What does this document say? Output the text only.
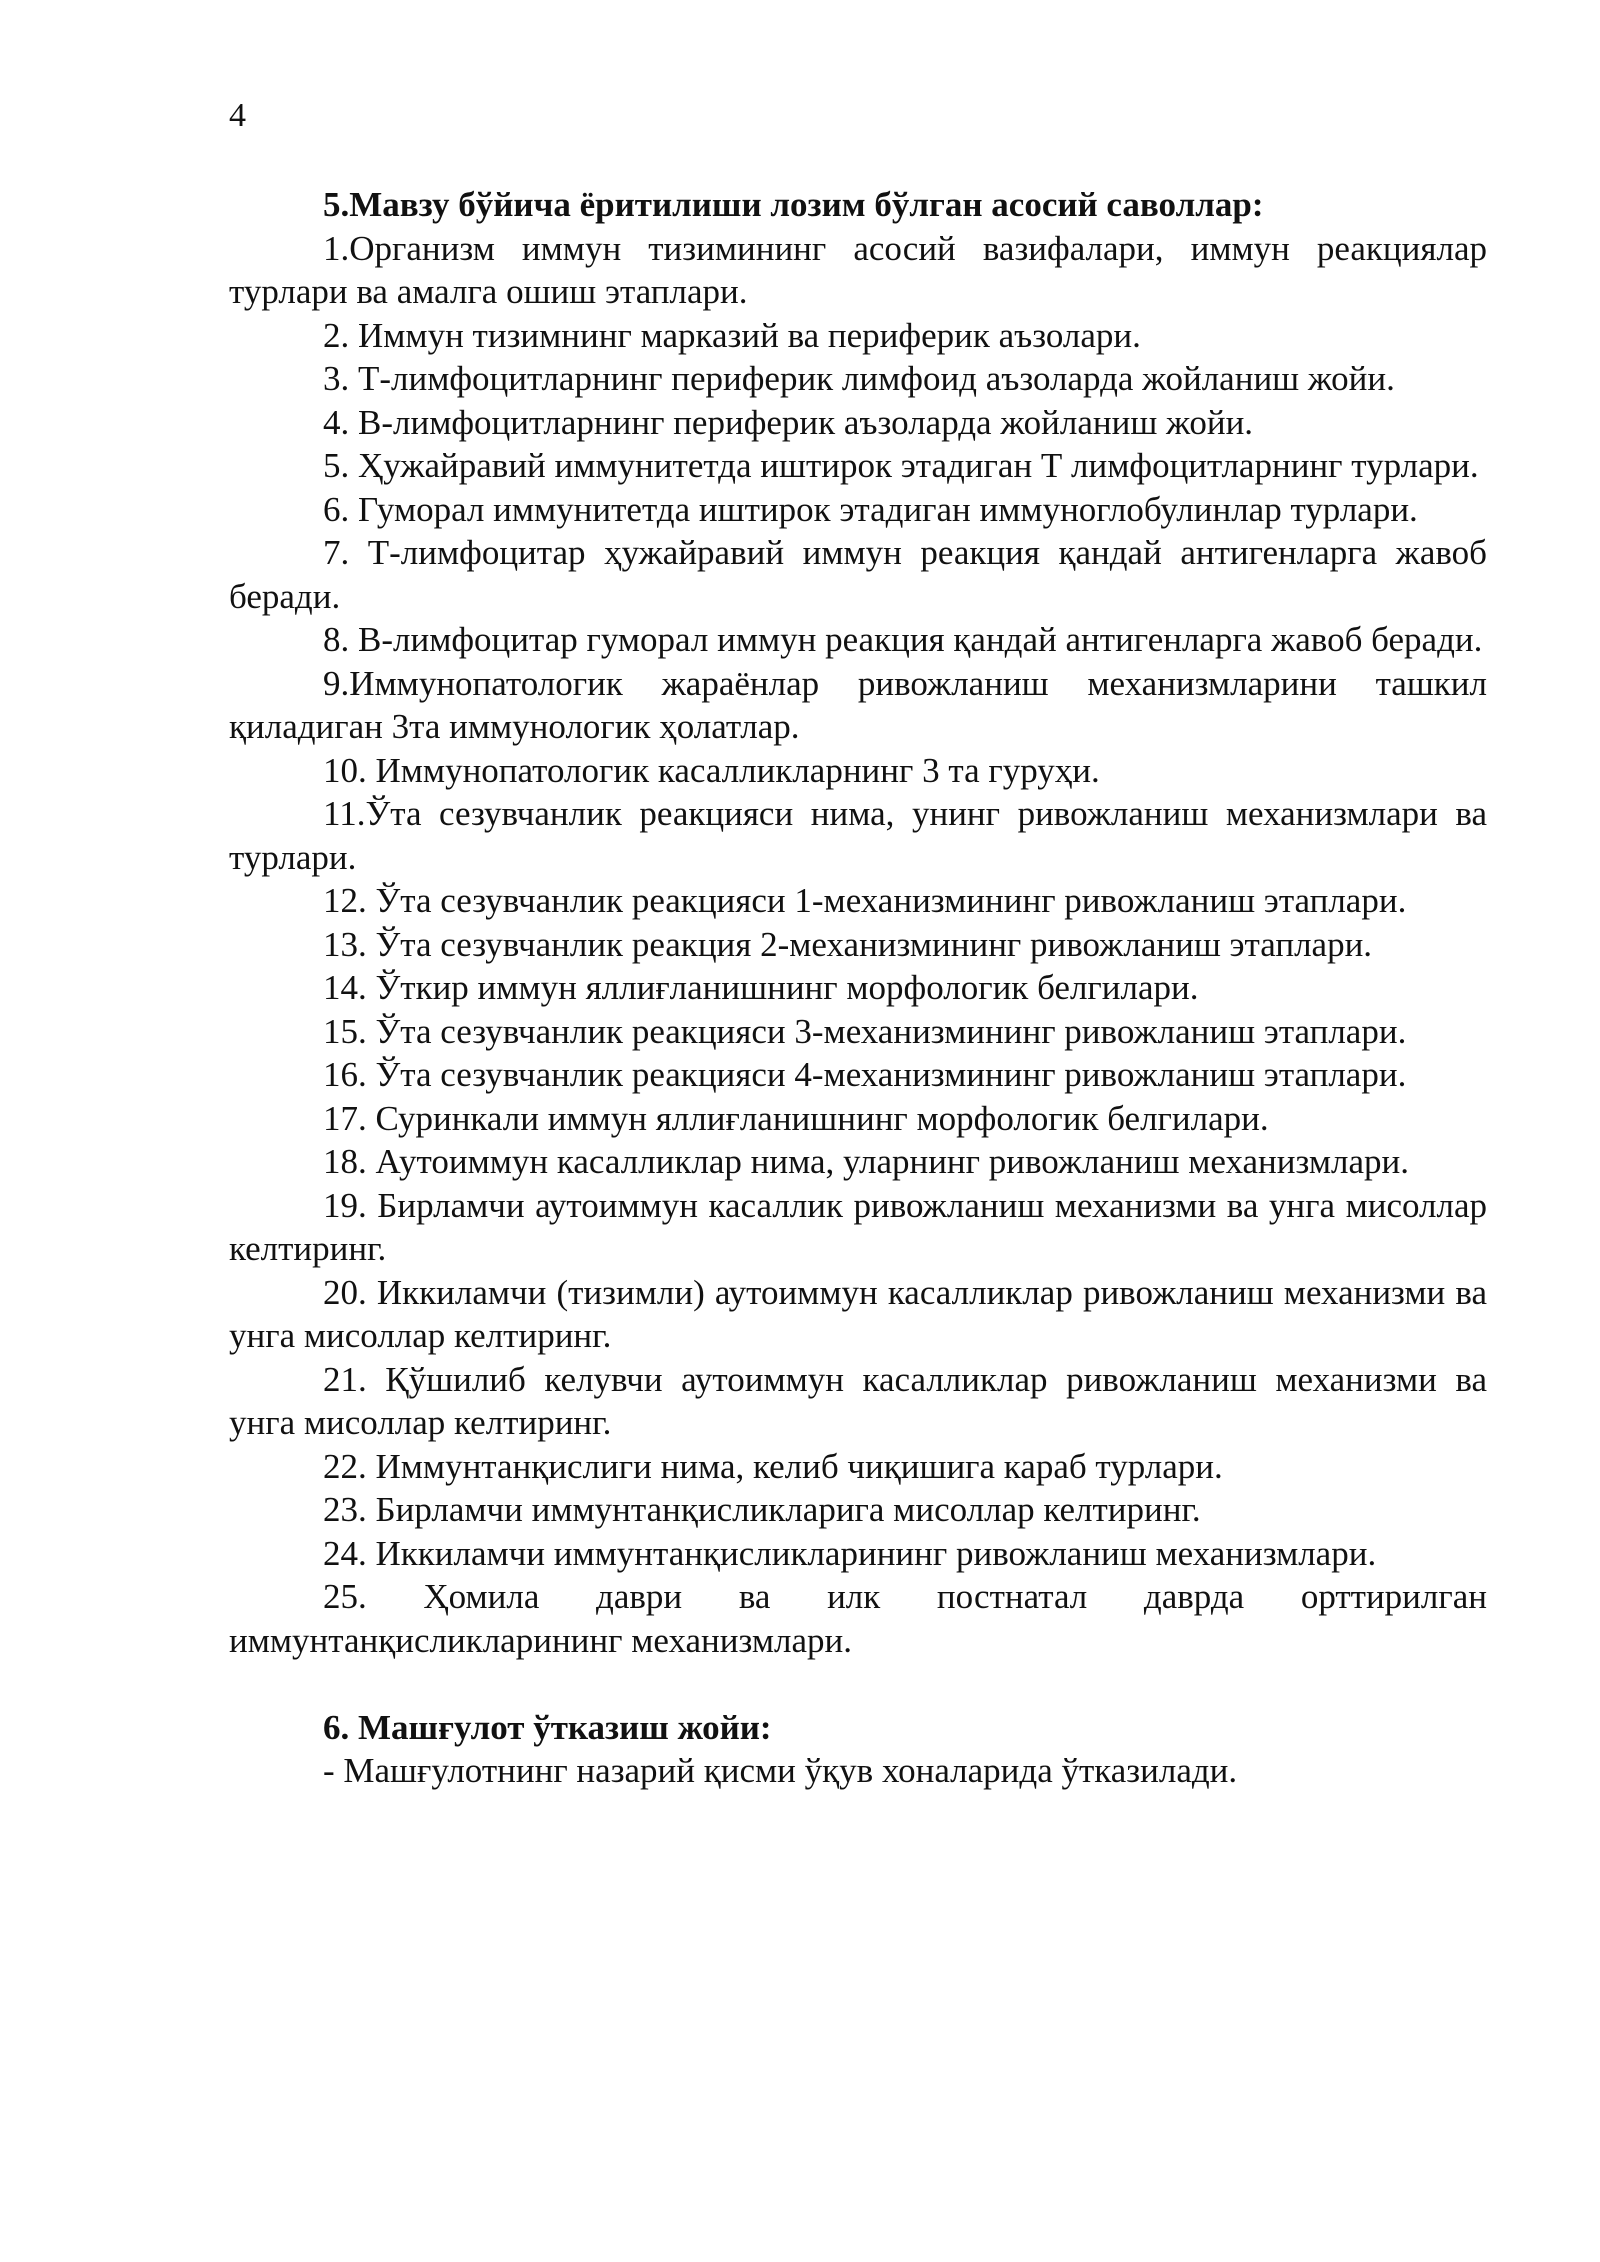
4

5.Мавзу бўйича ёритилиши лозим бўлган асосий саволлар:

1.Организм иммун тизимининг асосий вазифалари, иммун реакциялар турлари ва амалга ошиш этаплари.

2. Иммун тизимнинг марказий ва периферик аъзолари.

3. Т-лимфоцитларнинг периферик лимфоид аъзоларда жойланиш жойи.

4. В-лимфоцитларнинг периферик аъзоларда жойланиш жойи.

5. Ҳужайравий иммунитетда иштирок этадиган Т лимфоцитларнинг турлари.

6. Гуморал иммунитетда иштирок этадиган иммуноглобулинлар турлари.

7. Т-лимфоцитар ҳужайравий иммун реакция қандай антигенларга жавоб беради.

8. В-лимфоцитар гуморал иммун реакция қандай антигенларга жавоб беради.

9.Иммунопатологик жараёнлар ривожланиш механизмларини ташкил қиладиган 3та иммунологик ҳолатлар.

10. Иммунопатологик касалликларнинг 3 та гуруҳи.

11.Ўта сезувчанлик реакцияси нима, унинг ривожланиш механизмлари ва турлари.

12. Ўта сезувчанлик реакцияси 1-механизмининг ривожланиш этаплари.

13. Ўта сезувчанлик реакция 2-механизмининг ривожланиш этаплари.

14. Ўткир иммун яллиғланишнинг морфологик белгилари.

15. Ўта сезувчанлик реакцияси 3-механизмининг ривожланиш этаплари.

16. Ўта сезувчанлик реакцияси 4-механизмининг ривожланиш этаплари.

17. Суринкали иммун яллиғланишнинг морфологик белгилари.

18. Аутоиммун касалликлар нима, уларнинг ривожланиш механизмлари.

19. Бирламчи аутоиммун касаллик ривожланиш механизми ва унга мисоллар келтиринг.

20. Иккиламчи (тизимли) аутоиммун касалликлар ривожланиш механизми ва унга мисоллар келтиринг.

21. Қўшилиб келувчи аутоиммун касалликлар ривожланиш механизми ва унга мисоллар келтиринг.

22. Иммунтанқислиги нима, келиб чиқишига караб турлари.

23. Бирламчи иммунтанқисликларига мисоллар келтиринг.

24. Иккиламчи иммунтанқисликларининг ривожланиш механизмлари.

25. Ҳомила даври ва илк постнатал даврда орттирилган иммунтанқисликларининг механизмлари.

6. Машғулот ўтказиш жойи:

- Машғулотнинг назарий қисми ўқув хоналарида ўтказилади.
